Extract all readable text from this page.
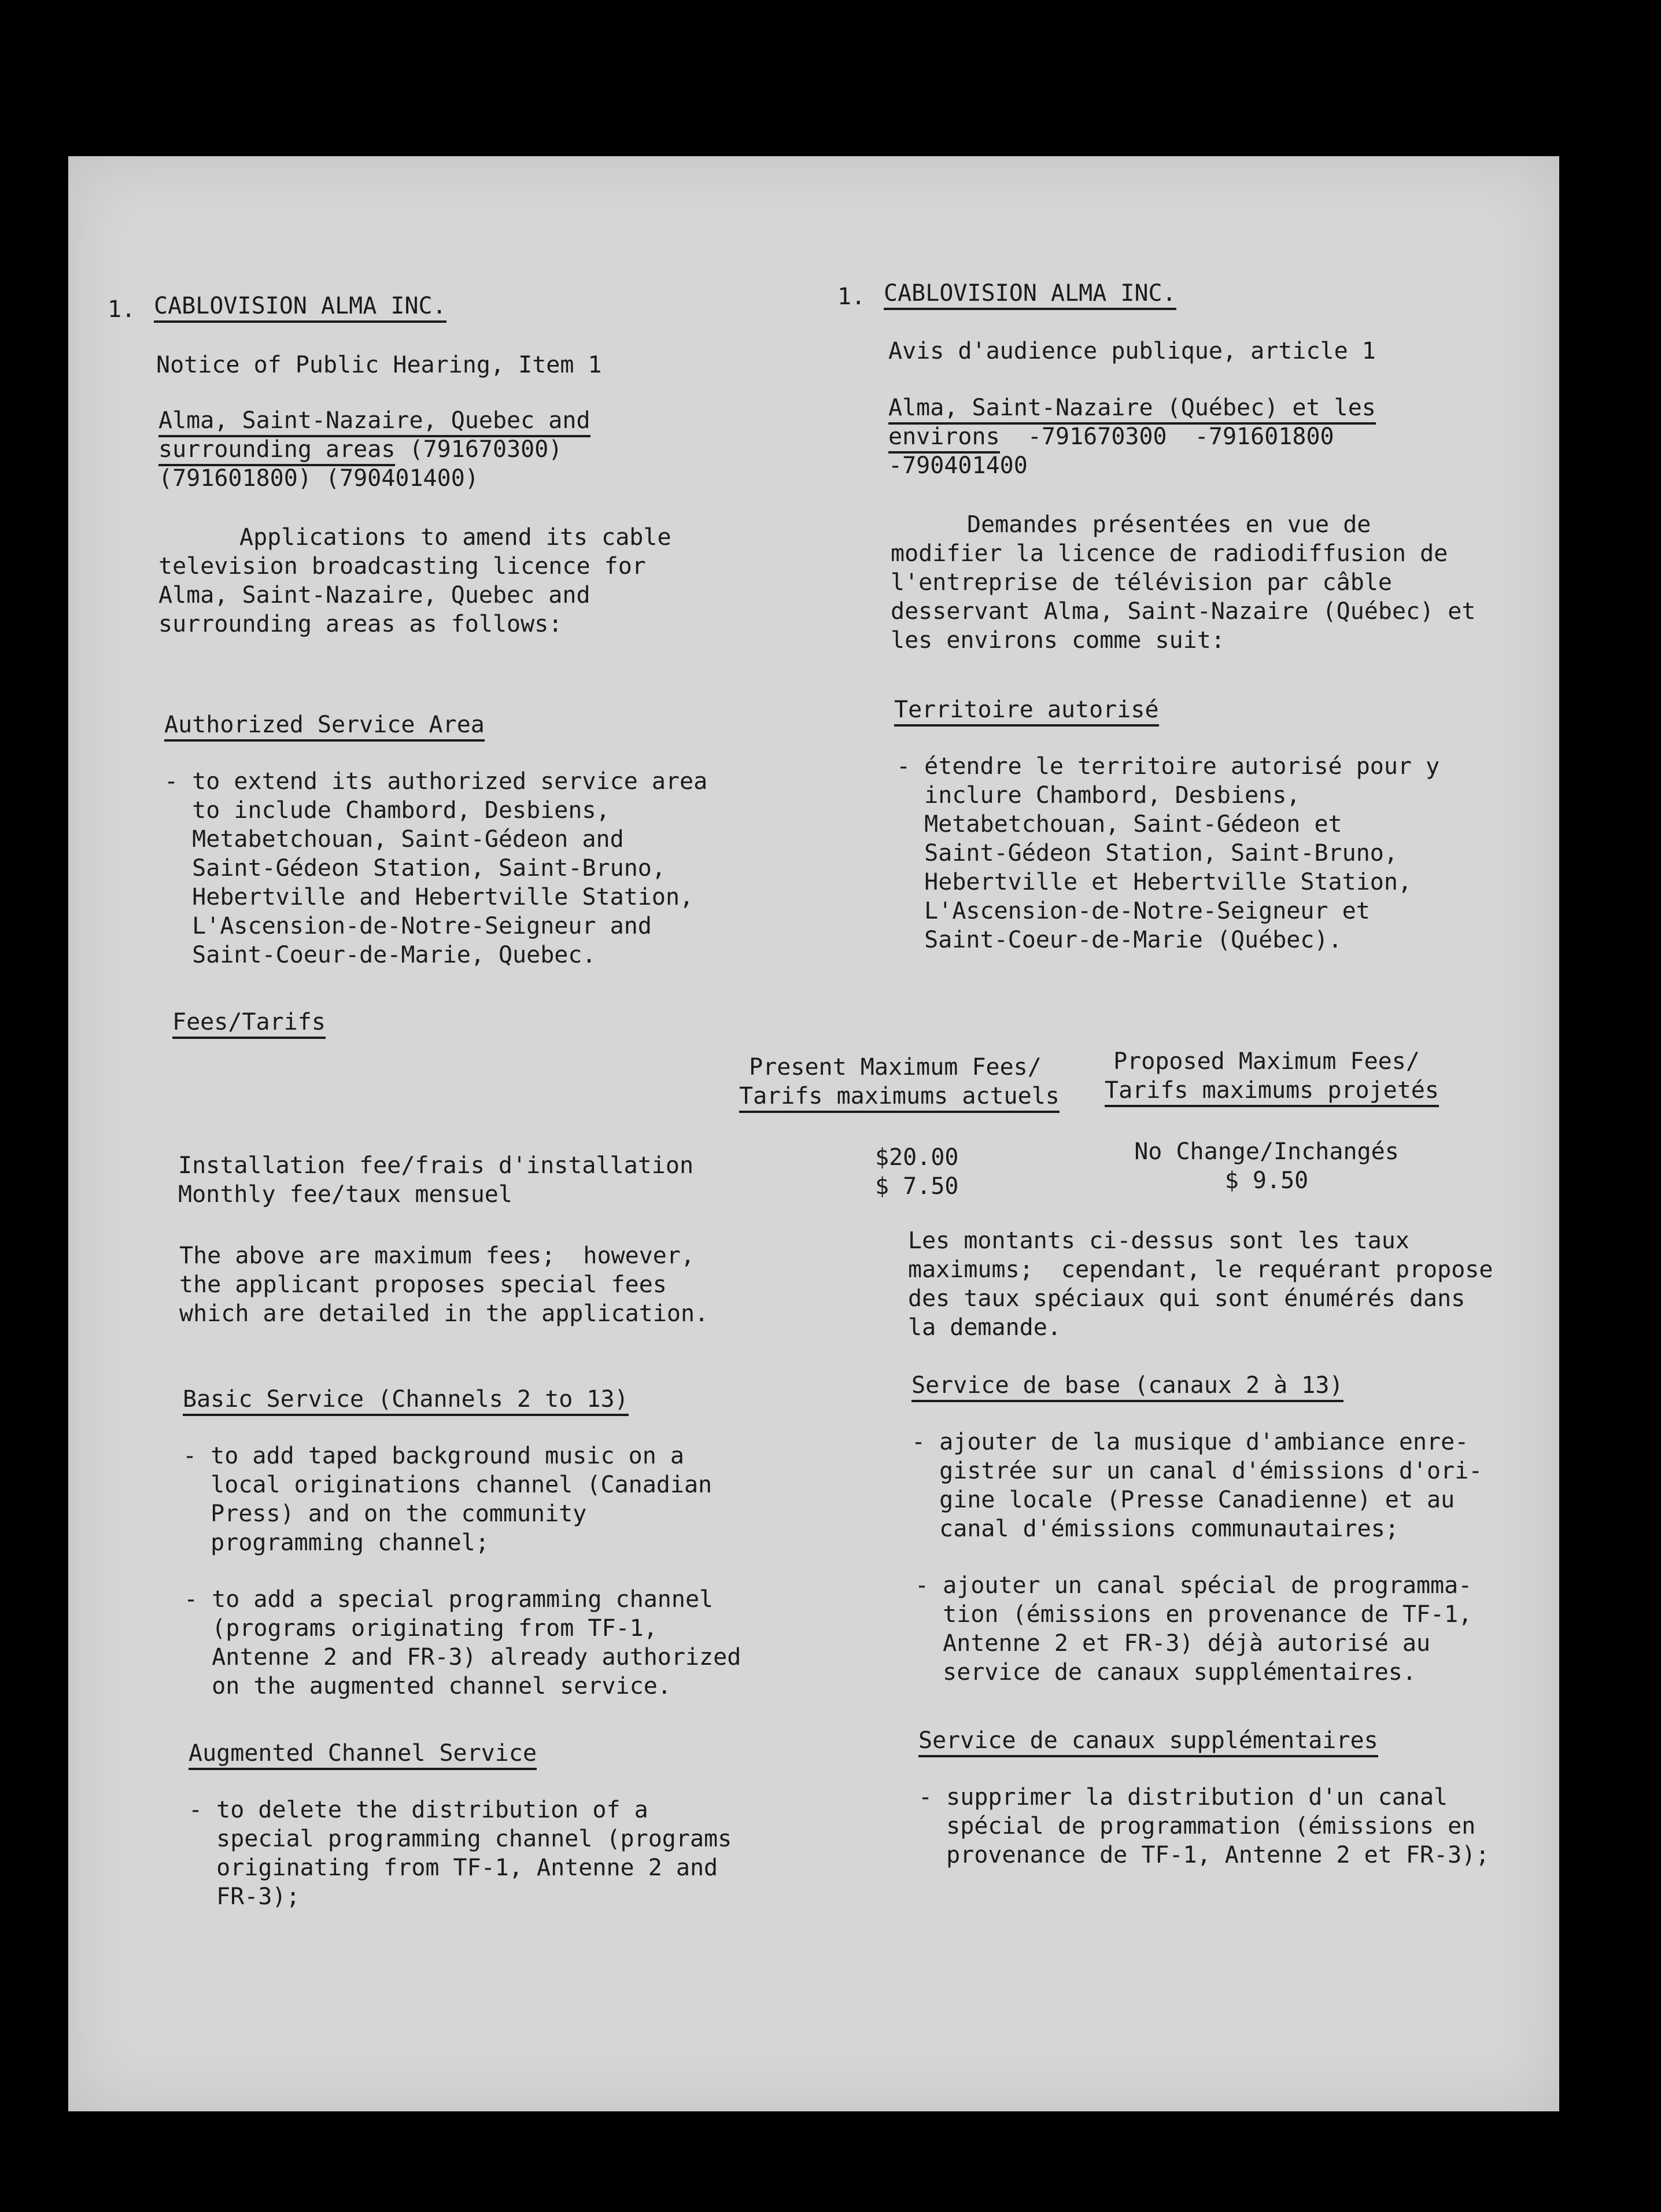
1. CABLOVISION ALMA INC.
Notice of Public Hearing, Item 1
Alma, Saint-Nazaire, Quebec and
surrounding areas (791670300)
(791601800) (790401400)
Applications to amend its cable
television broadcasting licence for
Alma, Saint-Nazaire, Quebec and
surrounding areas as follows:
Authorized Service Area
- to extend its authorized service area
to include Chambord, Desbiens,
Metabetchouan, Saint-Gédeon and
Saint-Gédeon Station, Saint-Bruno,
Hebertville and Hebertville Station,
L'Ascension-de-Notre-Seigneur and
Saint-Coeur-de-Marie, Quebec.
Fees/Tarifs
Present Maximum Fees/
Tarifs maximums actuels
Proposed Maximum Fees/
Tarifs maximums projetés
Installation fee/frais d'installation	$20.00	No Change/Inchangés
Monthly fee/taux mensuel	$ 7.50	$ 9.50
The above are maximum fees;  however,
the applicant proposes special fees
which are detailed in the application.
Basic Service (Channels 2 to 13)
- to add taped background music on a
local originations channel (Canadian
Press) and on the community
programming channel;
- to add a special programming channel
(programs originating from TF-1,
Antenne 2 and FR-3) already authorized
on the augmented channel service.
Augmented Channel Service
- to delete the distribution of a
special programming channel (programs
originating from TF-1, Antenne 2 and
FR-3);
1. CABLOVISION ALMA INC.
Avis d'audience publique, article 1
Alma, Saint-Nazaire (Québec) et les
environs  -791670300  -791601800
-790401400
Demandes présentées en vue de
modifier la licence de radiodiffusion de
l'entreprise de télévision par câble
desservant Alma, Saint-Nazaire (Québec) et
les environs comme suit:
Territoire autorisé
- étendre le territoire autorisé pour y
inclure Chambord, Desbiens,
Metabetchouan, Saint-Gédeon et
Saint-Gédeon Station, Saint-Bruno,
Hebertville et Hebertville Station,
L'Ascension-de-Notre-Seigneur et
Saint-Coeur-de-Marie (Québec).
Les montants ci-dessus sont les taux
maximums;  cependant, le requérant propose
des taux spéciaux qui sont énumérés dans
la demande.
Service de base (canaux 2 à 13)
- ajouter de la musique d'ambiance enre-
gistrée sur un canal d'émissions d'ori-
gine locale (Presse Canadienne) et au
canal d'émissions communautaires;
- ajouter un canal spécial de programma-
tion (émissions en provenance de TF-1,
Antenne 2 et FR-3) déjà autorisé au
service de canaux supplémentaires.
Service de canaux supplémentaires
- supprimer la distribution d'un canal
spécial de programmation (émissions en
provenance de TF-1, Antenne 2 et FR-3);
